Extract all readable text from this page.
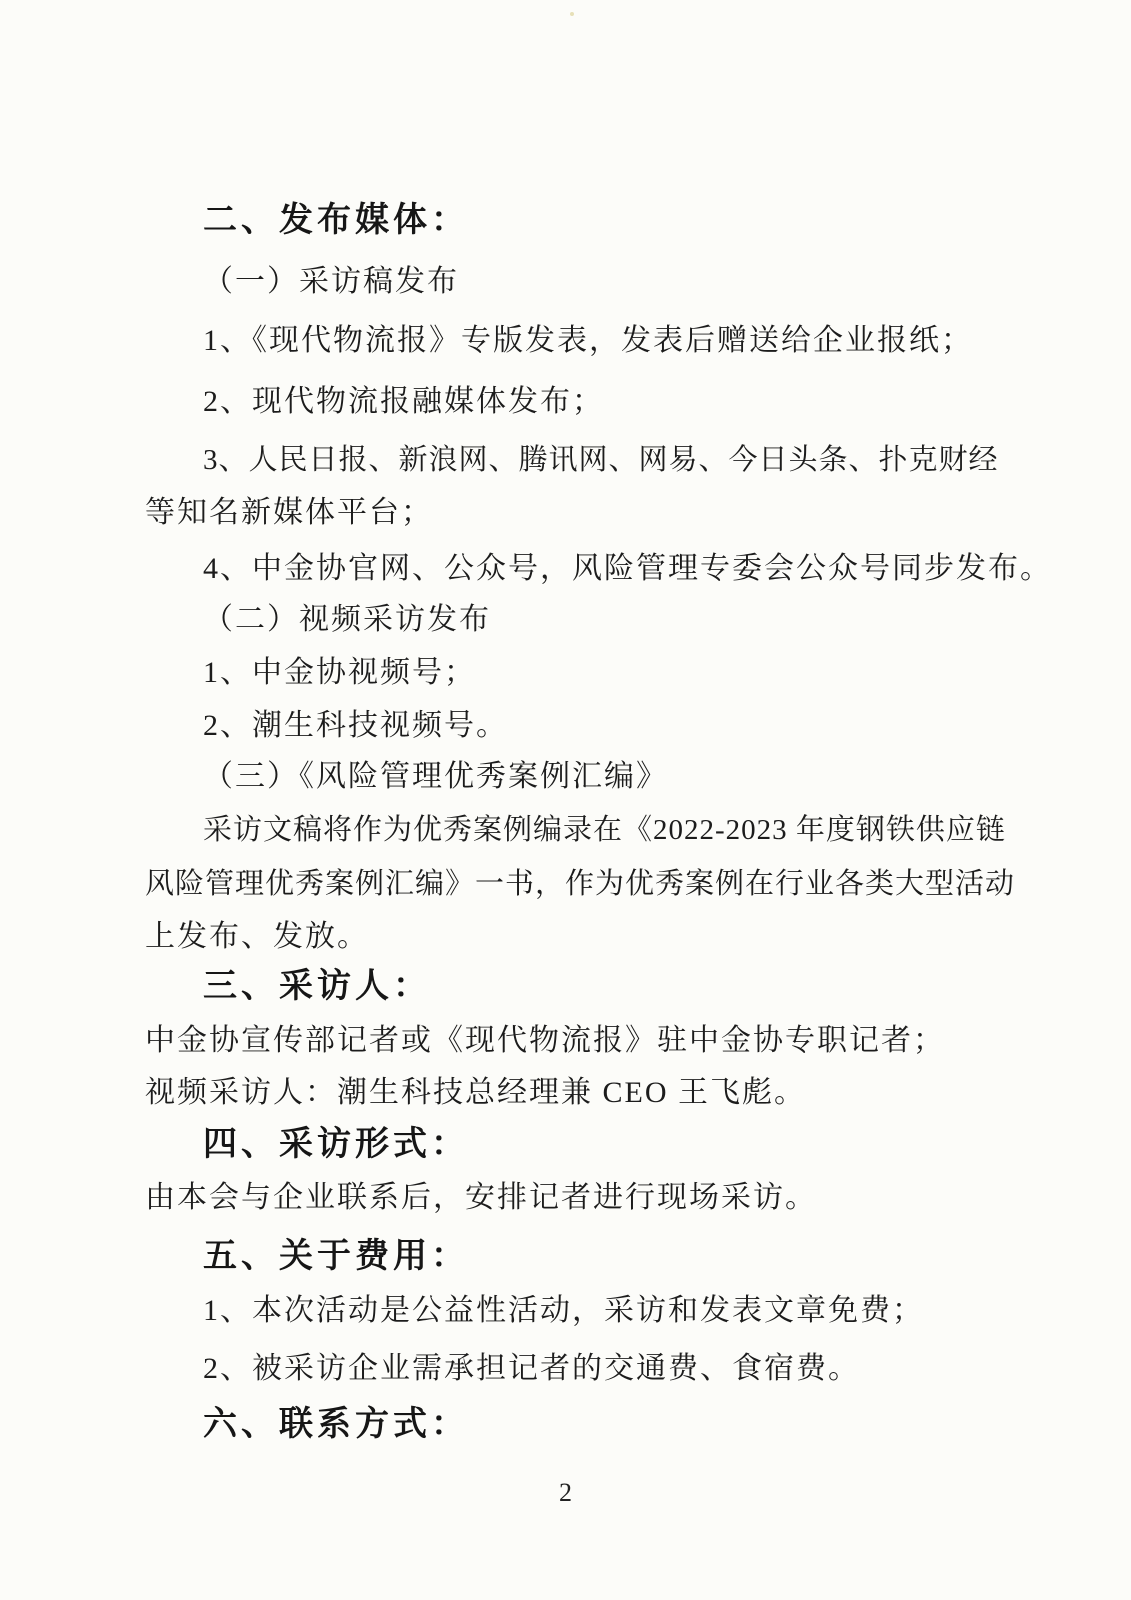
二、发布媒体：

（一）采访稿发布

1、《现代物流报》专版发表，发表后赠送给企业报纸；

2、现代物流报融媒体发布；

3、人民日报、新浪网、腾讯网、网易、今日头条、扑克财经

等知名新媒体平台；

4、中金协官网、公众号，风险管理专委会公众号同步发布。

（二）视频采访发布

1、中金协视频号；

2、潮生科技视频号。

（三）《风险管理优秀案例汇编》

采访文稿将作为优秀案例编录在《2022-2023 年度钢铁供应链

风险管理优秀案例汇编》一书，作为优秀案例在行业各类大型活动

上发布、发放。

三、采访人：

中金协宣传部记者或《现代物流报》驻中金协专职记者；

视频采访人：潮生科技总经理兼 CEO 王飞彪。

四、采访形式：

由本会与企业联系后，安排记者进行现场采访。

五、关于费用：

1、本次活动是公益性活动，采访和发表文章免费；

2、被采访企业需承担记者的交通费、食宿费。

六、联系方式：

2
